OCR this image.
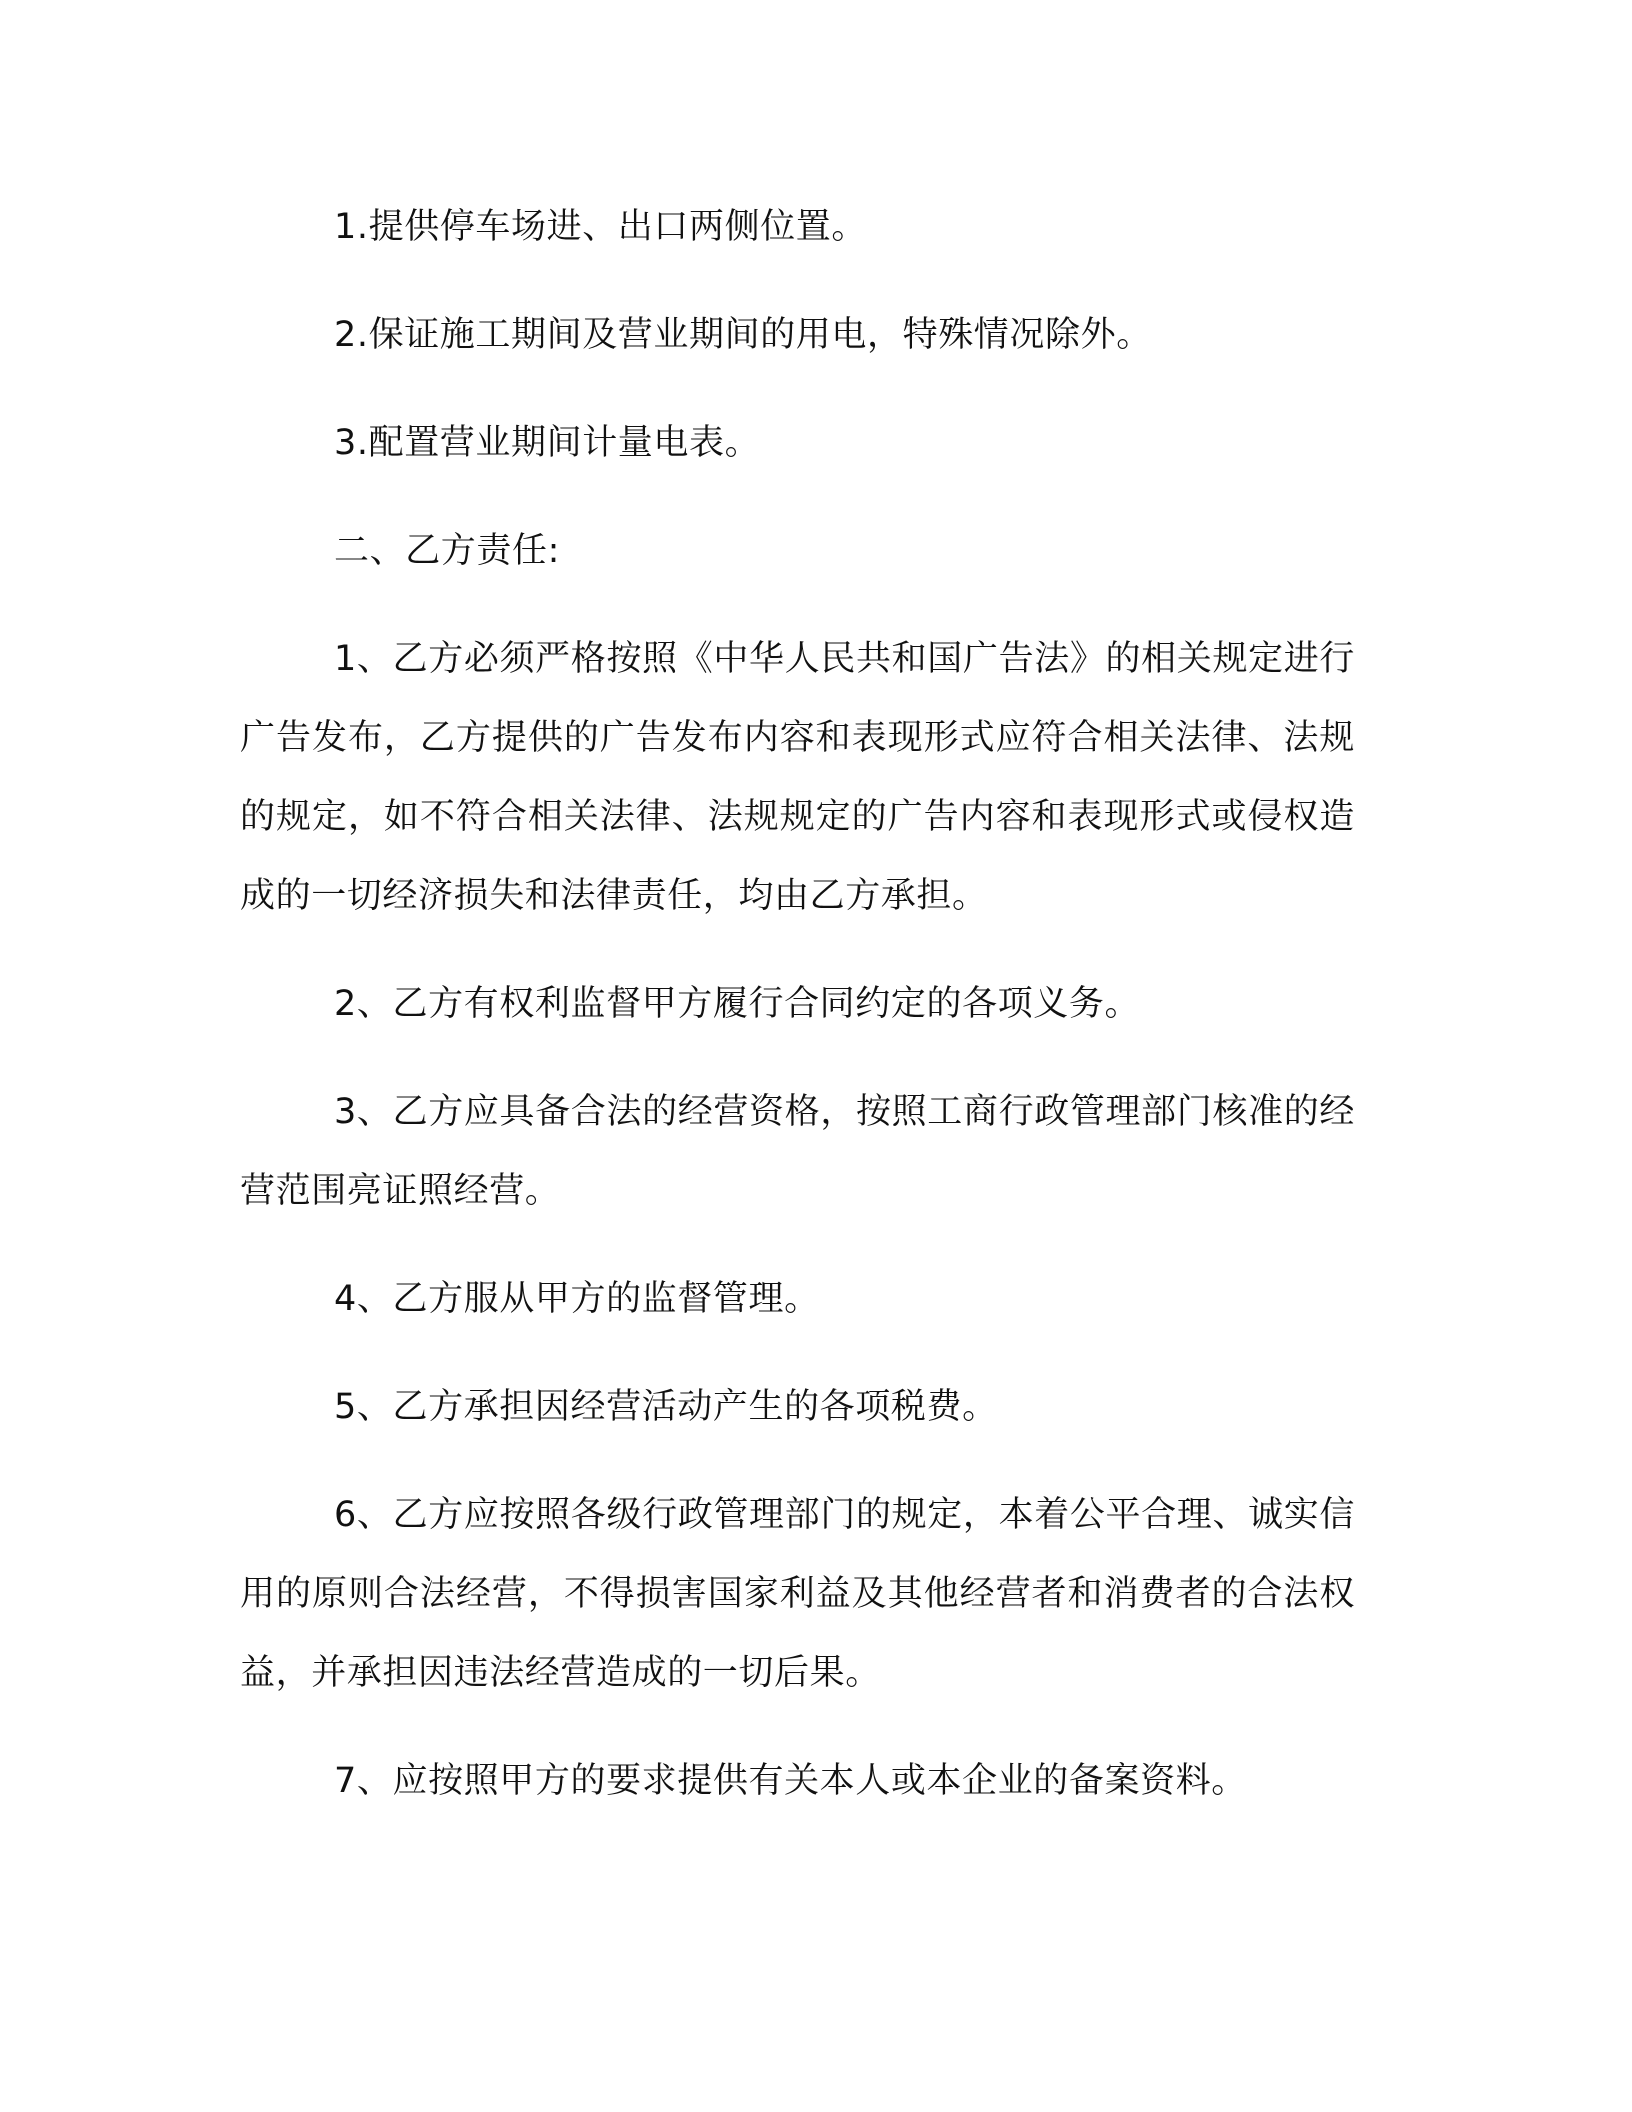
1.提供停车场进、出口两侧位置。

2.保证施工期间及营业期间的用电，特殊情况除外。

3.配置营业期间计量电表。

二、乙方责任:

1、乙方必须严格按照《中华人民共和国广告法》的相关规定进行广告发布，乙方提供的广告发布内容和表现形式应符合相关法律、法规的规定，如不符合相关法律、法规规定的广告内容和表现形式或侵权造成的一切经济损失和法律责任，均由乙方承担。

2、乙方有权利监督甲方履行合同约定的各项义务。

3、乙方应具备合法的经营资格，按照工商行政管理部门核准的经营范围亮证照经营。

4、乙方服从甲方的监督管理。

5、乙方承担因经营活动产生的各项税费。

6、乙方应按照各级行政管理部门的规定，本着公平合理、诚实信用的原则合法经营，不得损害国家利益及其他经营者和消费者的合法权益，并承担因违法经营造成的一切后果。

7、应按照甲方的要求提供有关本人或本企业的备案资料。
